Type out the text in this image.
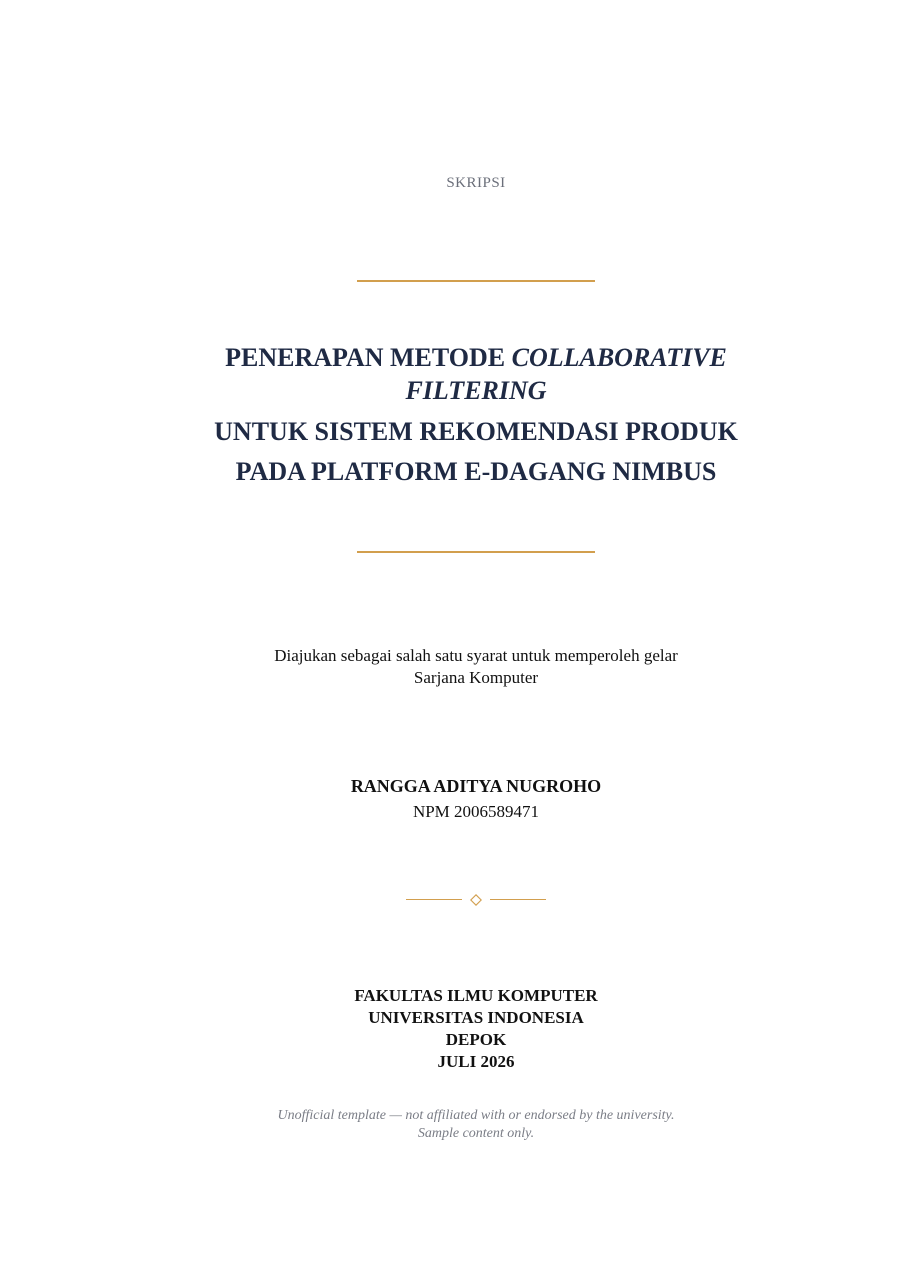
SKRIPSI
PENERAPAN METODE COLLABORATIVE FILTERING
UNTUK SISTEM REKOMENDASI PRODUK
PADA PLATFORM E-DAGANG NIMBUS
Diajukan sebagai salah satu syarat untuk memperoleh gelar
Sarjana Komputer
RANGGA ADITYA NUGROHO
NPM 2006589471
FAKULTAS ILMU KOMPUTER
UNIVERSITAS INDONESIA
DEPOK
JULI 2026
Unofficial template — not affiliated with or endorsed by the university.
Sample content only.
